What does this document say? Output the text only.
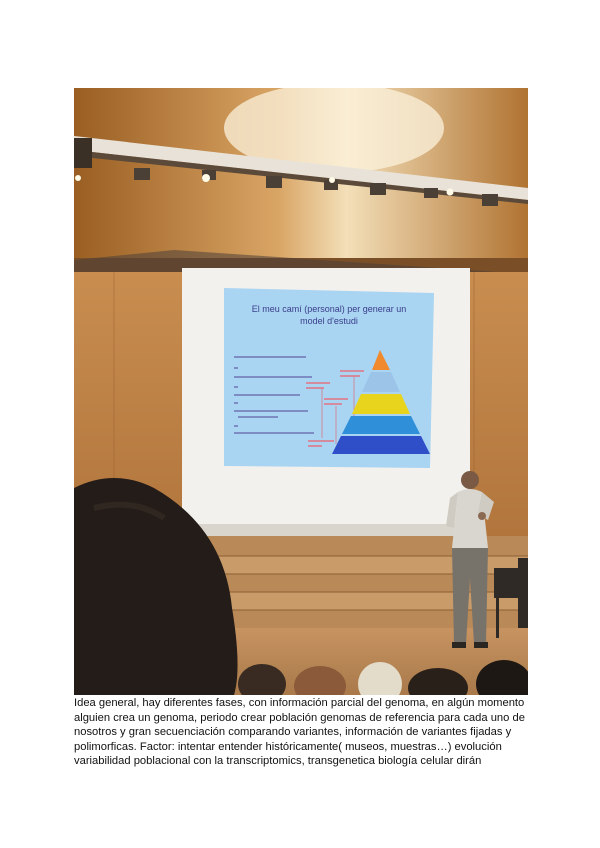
El meu camí (personal) per generar un
model d'estudi

Idea general, hay diferentes fases, con información parcial del genoma, en algún momento
alguien crea un genoma, periodo crear población genomas de referencia para cada uno de
nosotros y gran secuenciación comparando variantes, información de variantes fijadas y
polimorficas. Factor: intentar entender históricamente( museos, muestras…) evolución
variabilidad poblacional con la transcriptomics, transgenetica biología celular dirán
